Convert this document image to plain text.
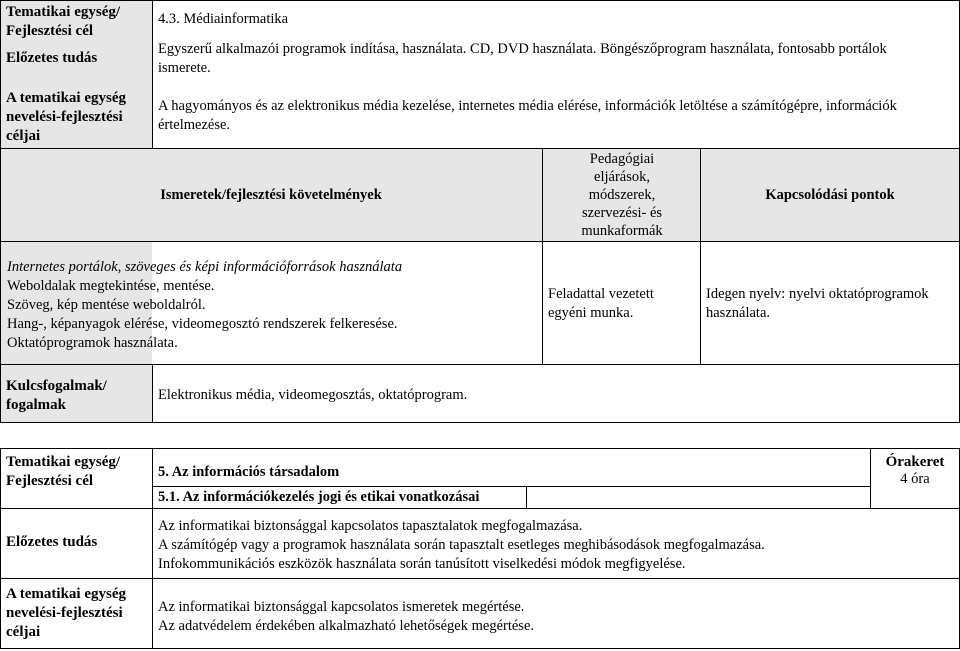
Tematikai egység/ Fejlesztési cél
4.3. Médiainformatika
Előzetes tudás
Egyszerű alkalmazói programok indítása, használata. CD, DVD használata. Böngészőprogram használata, fontosabb portálok ismerete.
A tematikai egység nevelési-fejlesztési céljai
A hagyományos és az elektronikus média kezelése, internetes média elérése, információk letöltése a számítógépre, információk értelmezése.
Ismeretek/fejlesztési követelmények
Pedagógiai eljárások, módszerek, szervezési- és munkaformák
Kapcsolódási pontok
Internetes portálok, szöveges és képi információforrások használata
Weboldalak megtekintése, mentése.
Szöveg, kép mentése weboldalról.
Hang-, képanyagok elérése, videomegosztó rendszerek felkeresése.
Oktatóprogramok használata.
Feladattal vezetett egyéni munka.
Idegen nyelv: nyelvi oktatóprogramok használata.
Kulcsfogalmak/ fogalmak
Elektronikus média, videomegosztás, oktatóprogram.
Tematikai egység/ Fejlesztési cél
5. Az információs társadalom
5.1. Az információkezelés jogi és etikai vonatkozásai
Órakeret
4 óra
Előzetes tudás
Az informatikai biztonsággal kapcsolatos tapasztalatok megfogalmazása.
A számítógép vagy a programok használata során tapasztalt esetleges meghibásodások megfogalmazása.
Infokommunikációs eszközök használata során tanúsított viselkedési módok megfigyelése.
A tematikai egység nevelési-fejlesztési céljai
Az informatikai biztonsággal kapcsolatos ismeretek megértése.
Az adatvédelem érdekében alkalmazható lehetőségek megértése.
